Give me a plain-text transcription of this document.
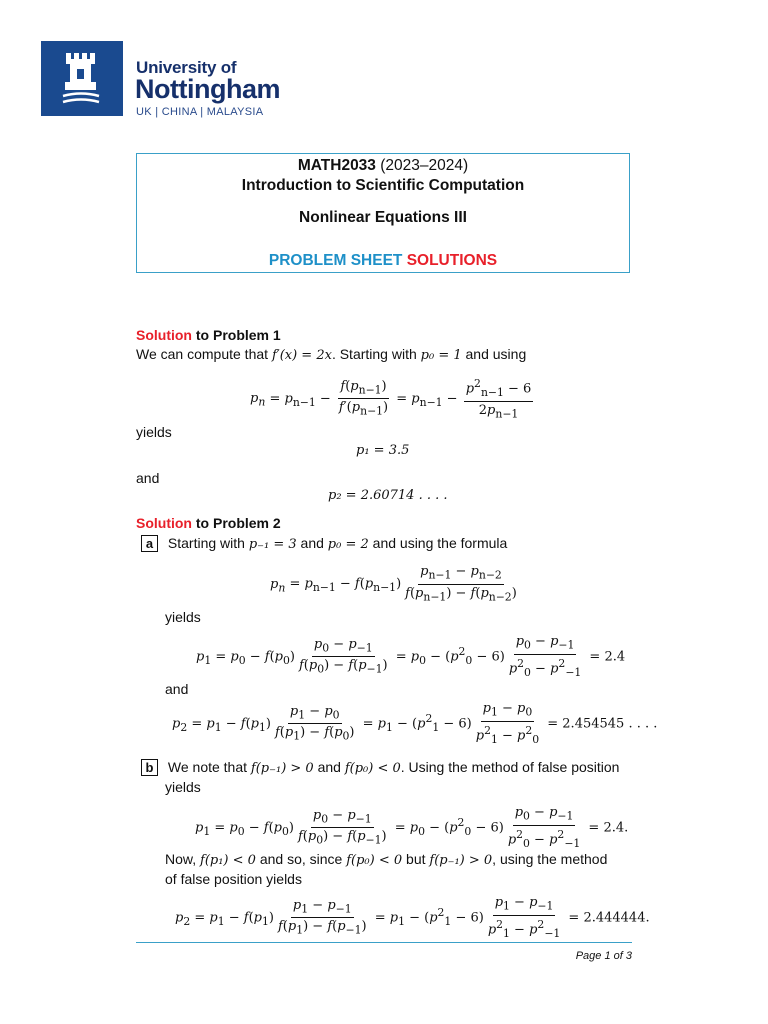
University of
Nottingham
UK | CHINA | MALAYSIA
MATH2033 (2023–2024)
Introduction to Scientific Computation
Nonlinear Equations III
PROBLEM SHEET SOLUTIONS
Solution to Problem 1
We can compute that f′(x) = 2x. Starting with p₀ = 1 and using
$p_n = p_{n-1} - \frac{f(p_{n-1})}{f'(p_{n-1})} = p_{n-1} - \frac{p^2_{n-1} - 6}{2p_{n-1}}$
yields
p₁ = 3.5
and
p₂ = 2.60714 . . . .
Solution to Problem 2
a Starting with p₋₁ = 3 and p₀ = 2 and using the formula
$p_n = p_{n-1} - f(p_{n-1}) \frac{p_{n-1} - p_{n-2}}{f(p_{n-1}) - f(p_{n-2})}$
yields
$p_1 = p_0 - f(p_0) \frac{p_0 - p_{-1}}{f(p_0) - f(p_{-1})} = p_0 - (p^2_0 - 6) \frac{p_0 - p_{-1}}{p^2_0 - p^2_{-1}} = 2.4$
and
$p_2 = p_1 - f(p_1) \frac{p_1 - p_0}{f(p_1) - f(p_0)} = p_1 - (p^2_1 - 6) \frac{p_1 - p_0}{p^2_1 - p^2_0} = 2.454545$ . . . .
b We note that f(p₋₁) > 0 and f(p₀) < 0. Using the method of false position
yields
$p_1 = p_0 - f(p_0) \frac{p_0 - p_{-1}}{f(p_0) - f(p_{-1})} = p_0 - (p^2_0 - 6) \frac{p_0 - p_{-1}}{p^2_0 - p^2_{-1}} = 2.4$.
Now, f(p₁) < 0 and so, since f(p₀) < 0 but f(p₋₁) > 0, using the method
of false position yields
$p_2 = p_1 - f(p_1) \frac{p_1 - p_{-1}}{f(p_1) - f(p_{-1})} = p_1 - (p^2_1 - 6) \frac{p_1 - p_{-1}}{p^2_1 - p^2_{-1}} = 2.444444$.
Page 1 of 3
